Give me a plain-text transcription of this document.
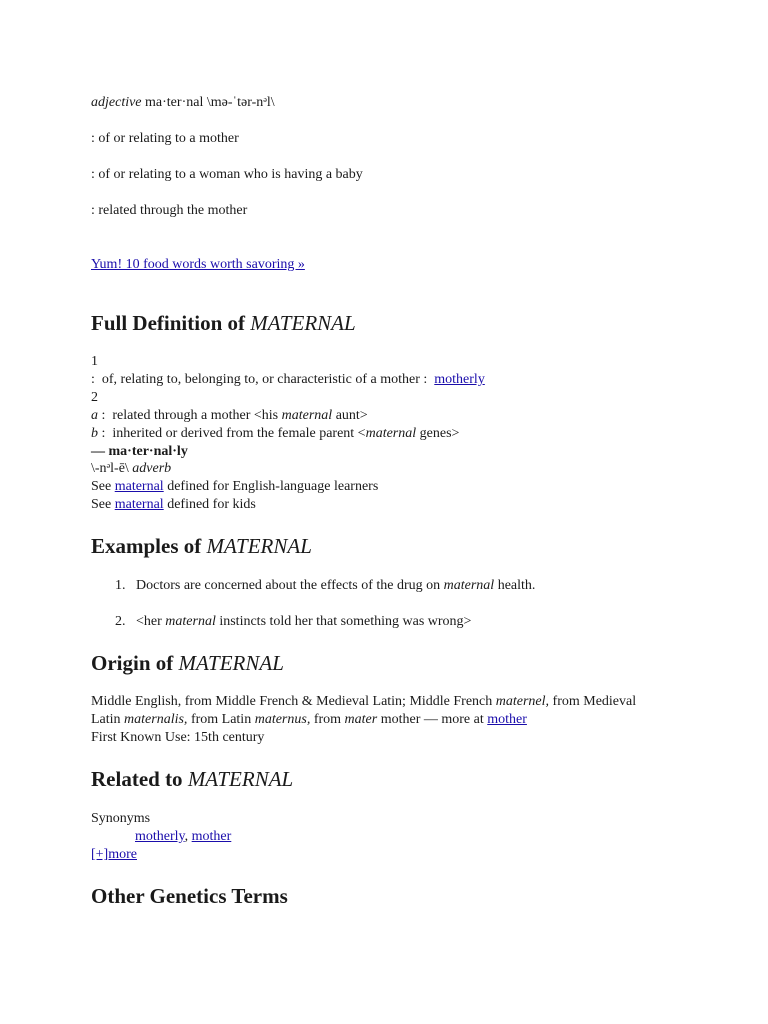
adjective ma·ter·nal \mə-ˈtər-nᵊl\
: of or relating to a mother
: of or relating to a woman who is having a baby
: related through the mother
Yum! 10 food words worth savoring »
Full Definition of MATERNAL
1
:  of, relating to, belonging to, or characteristic of a mother :  motherly
2
a :  related through a mother <his maternal aunt>
b :  inherited or derived from the female parent <maternal genes>
— ma·ter·nal·ly
\-nᵊl-ē\ adverb
See maternal defined for English-language learners
See maternal defined for kids
Examples of MATERNAL
1. Doctors are concerned about the effects of the drug on maternal health.
2. <her maternal instincts told her that something was wrong>
Origin of MATERNAL
Middle English, from Middle French & Medieval Latin; Middle French maternel, from Medieval
Latin maternalis, from Latin maternus, from mater mother — more at mother
First Known Use: 15th century
Related to MATERNAL
Synonyms
motherly, mother
[+]more
Other Genetics Terms
